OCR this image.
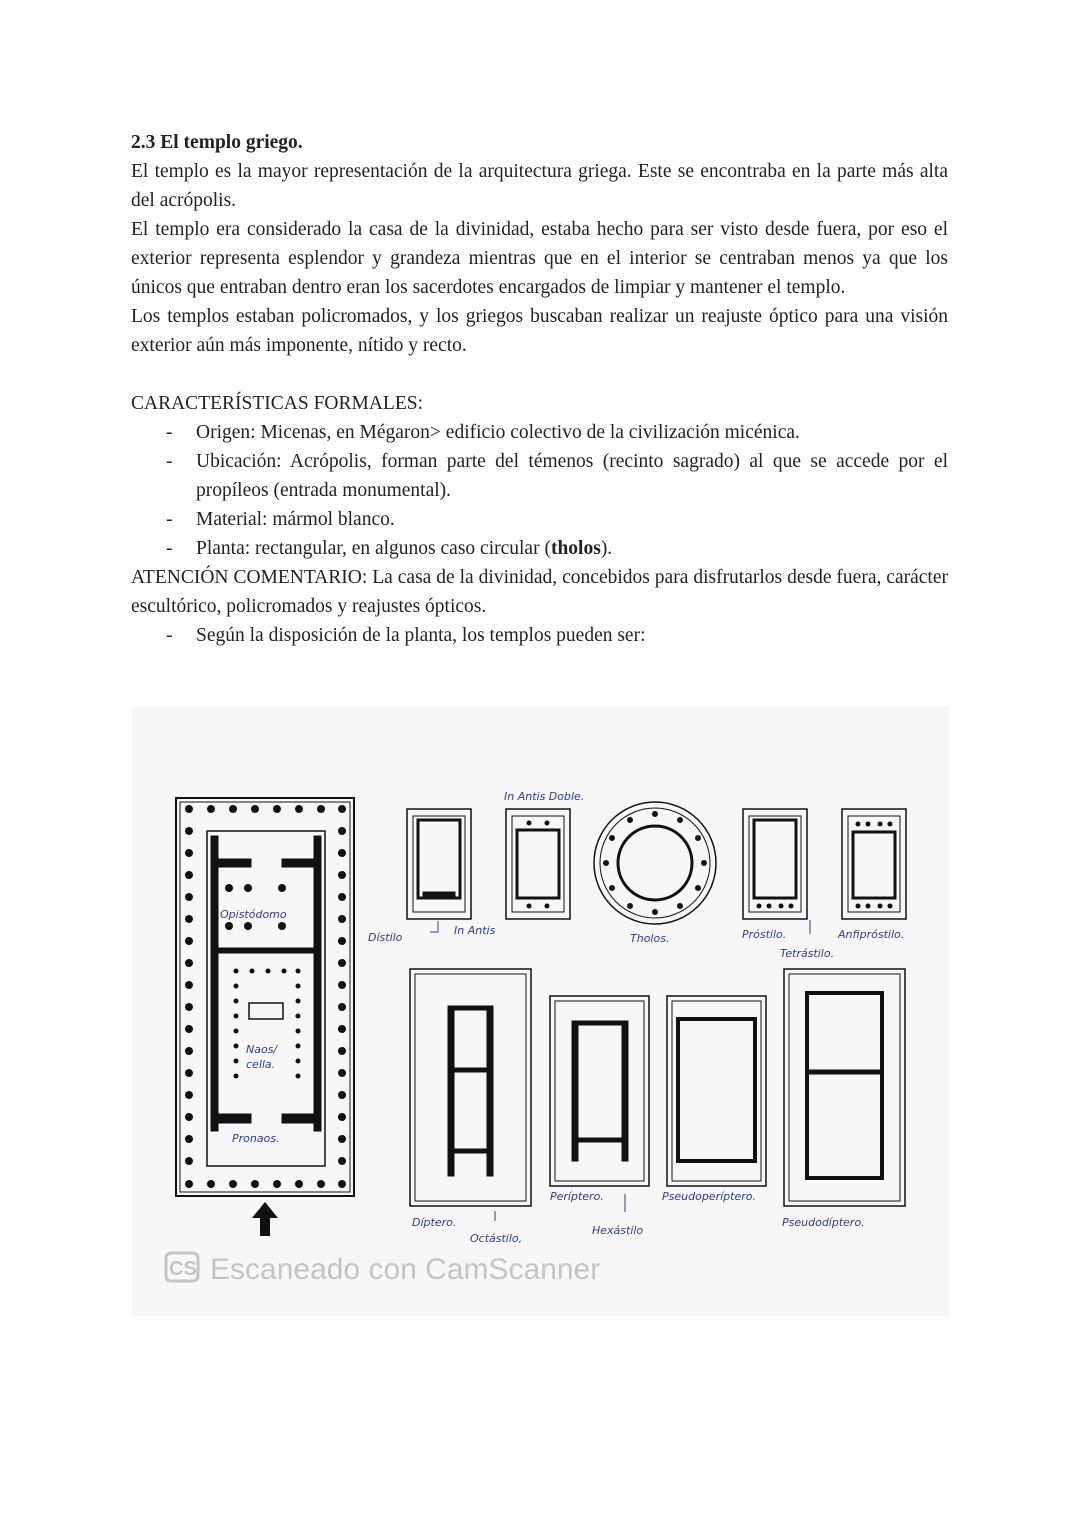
2.3 El templo griego.

El templo es la mayor representación de la arquitectura griega. Este se encontraba en la parte más alta del acrópolis.

El templo era considerado la casa de la divinidad, estaba hecho para ser visto desde fuera, por eso el exterior representa esplendor y grandeza mientras que en el interior se centraban menos ya que los únicos que entraban dentro eran los sacerdotes encargados de limpiar y mantener el templo.

Los templos estaban policromados, y los griegos buscaban realizar un reajuste óptico para una visión exterior aún más imponente, nítido y recto.

CARACTERÍSTICAS FORMALES:

- Origen: Micenas, en Mégaron> edificio colectivo de la civilización micénica.
- Ubicación: Acrópolis, forman parte del témenos (recinto sagrado) al que se accede por el propíleos (entrada monumental).
- Material: mármol blanco.
- Planta: rectangular, en algunos caso circular (tholos).

ATENCIÓN COMENTARIO: La casa de la divinidad, concebidos para disfrutarlos desde fuera, carácter escultórico, policromados y reajustes ópticos.

- Según la disposición de la planta, los templos pueden ser:
Opistódomo
Naos/
cella.
Pronaos.
In Antis Doble.
Dístilo
In Antis
Tholos.	Próstilo.
Tetrástilo.
Anfipróstilo.
Díptero.
Octástilo,
Períptero.
Hexástilo
Pseudoperíptero.
Pseudodíptero.
CS Escaneado con CamScanner
